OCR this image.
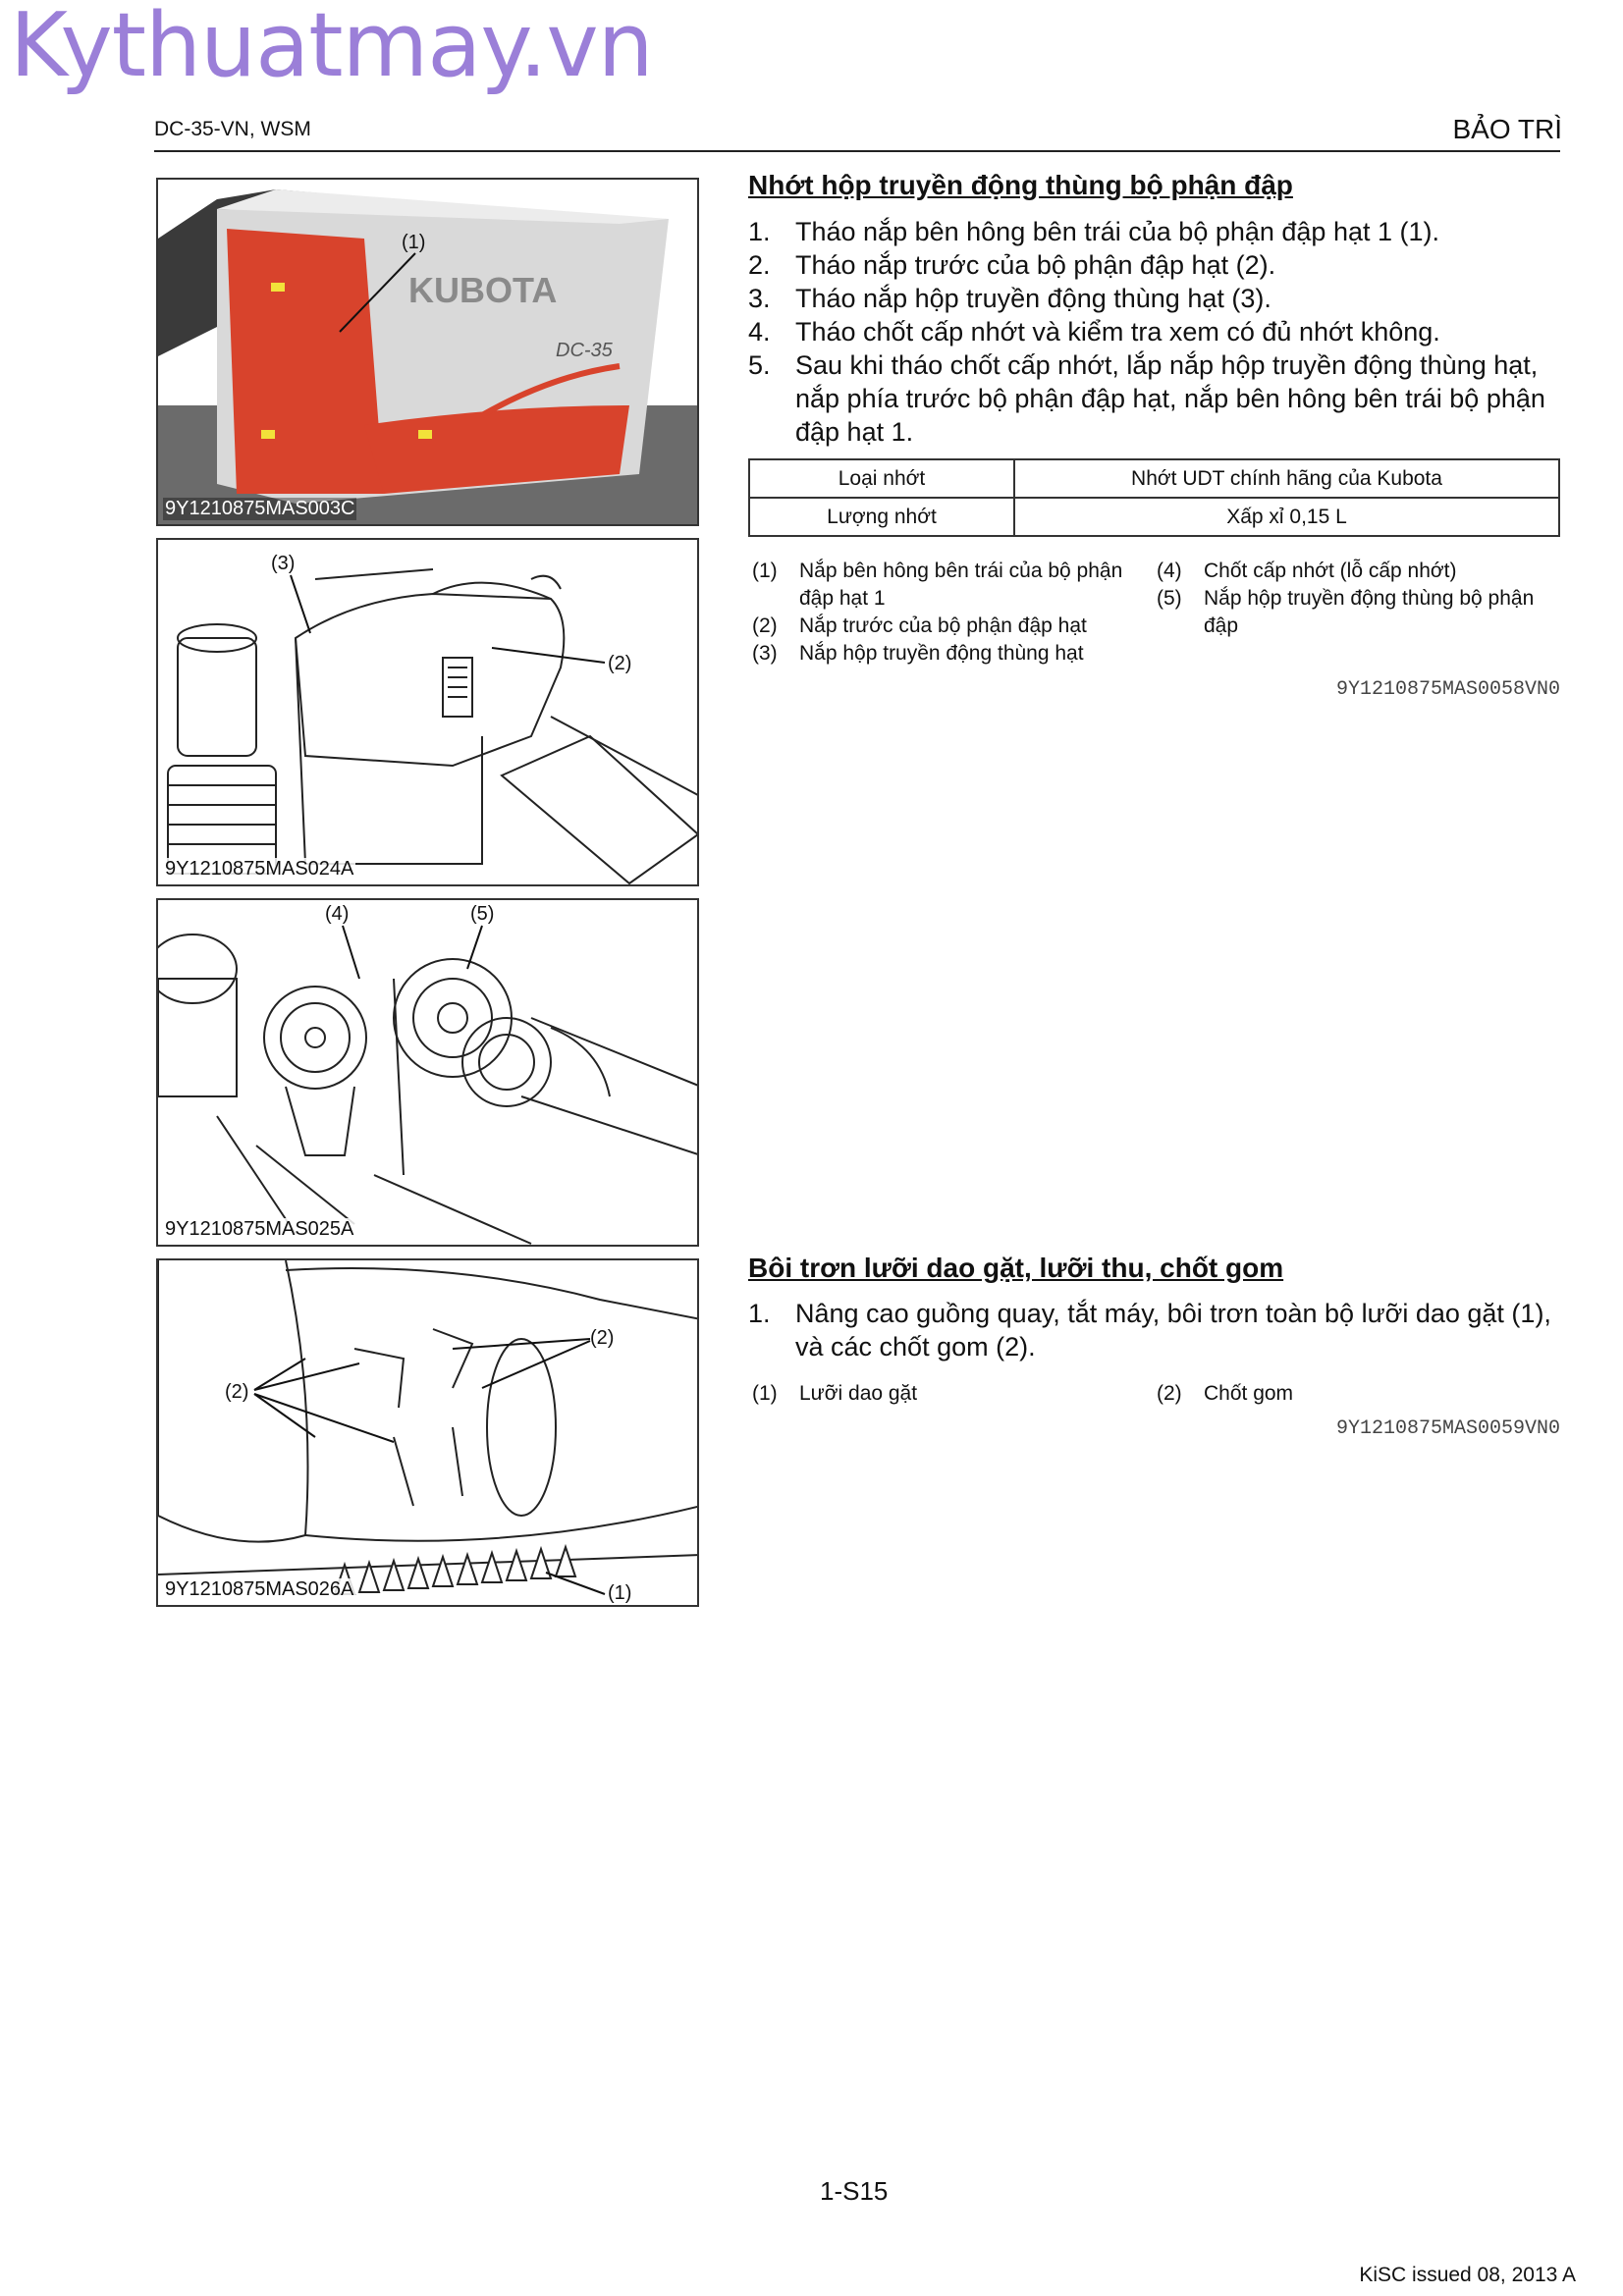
Kythuatmay.vn
DC-35-VN, WSM	BẢO TRÌ
KUBOTA
DC-35
(1)
9Y1210875MAS003C
(3)
(2)
9Y1210875MAS024A
(4)	(5)
9Y1210875MAS025A
(2)
(2)
(1)
9Y1210875MAS026A
Nhớt hộp truyền động thùng bộ phận đập
1. Tháo nắp bên hông bên trái của bộ phận đập hạt 1 (1).
2. Tháo nắp trước của bộ phận đập hạt (2).
3. Tháo nắp hộp truyền động thùng hạt (3).
4. Tháo chốt cấp nhớt và kiểm tra xem có đủ nhớt không.
5. Sau khi tháo chốt cấp nhớt, lắp nắp hộp truyền động thùng hạt, nắp phía trước bộ phận đập hạt, nắp bên hông bên trái bộ phận đập hạt 1.
Loại nhớt	Nhớt UDT chính hãng của Kubota
Lượng nhớt	Xấp xỉ 0,15 L
(1)	Nắp bên hông bên trái của bộ phận đập hạt 1
(2)	Nắp trước của bộ phận đập hạt
(3)	Nắp hộp truyền động thùng hạt
(4)	Chốt cấp nhớt (lỗ cấp nhớt)
(5)	Nắp hộp truyền động thùng bộ phận đập
9Y1210875MAS0058VN0
Bôi trơn lưỡi dao gặt, lưỡi thu, chốt gom
1. Nâng cao guồng quay, tắt máy, bôi trơn toàn bộ lưỡi dao gặt (1), và các chốt gom (2).
(1)	Lưỡi dao gặt	(2)	Chốt gom
9Y1210875MAS0059VN0
1-S15
KiSC issued 08, 2013 A
